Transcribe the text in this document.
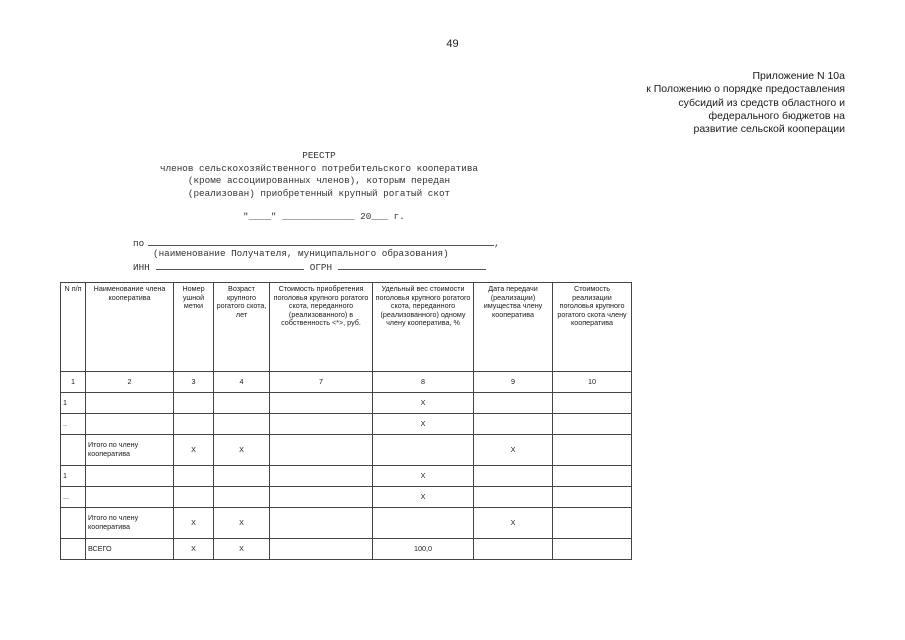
49
Приложение N 10а
к Положению о порядке предоставления
субсидий из средств областного и
федерального бюджетов на
развитие сельской кооперации
РЕЕСТР
членов сельскохозяйственного потребительского кооператива
(кроме ассоциированных членов), которым передан
(реализован) приобретенный крупный рогатый скот
"____" _____________ 20___ г.
по	,
(наименование Получателя, муниципального образования)
ИНН	ОГРН
N п/п	Наименование члена кооператива	Номер ушной метки	Возраст крупного рогатого скота, лет	Стоимость приобретения поголовья крупного рогатого скота, переданного (реализованного) в собственность <*>, руб.	Удельный вес стоимости поголовья крупного рогатого скота, переданного (реализованного) одному члену кооператива, %	Дата передачи (реализации) имущества члену кооператива	Стоимость реализации поголовья крупного рогатого скота члену кооператива
1	2	3	4	7	8	9	10
1					X		
..					X		
	Итого по члену кооператива	X	X			X	
1					X		
...					X		
	Итого по члену кооператива	X	X			X	
	ВСЕГО	X	X		100,0		
